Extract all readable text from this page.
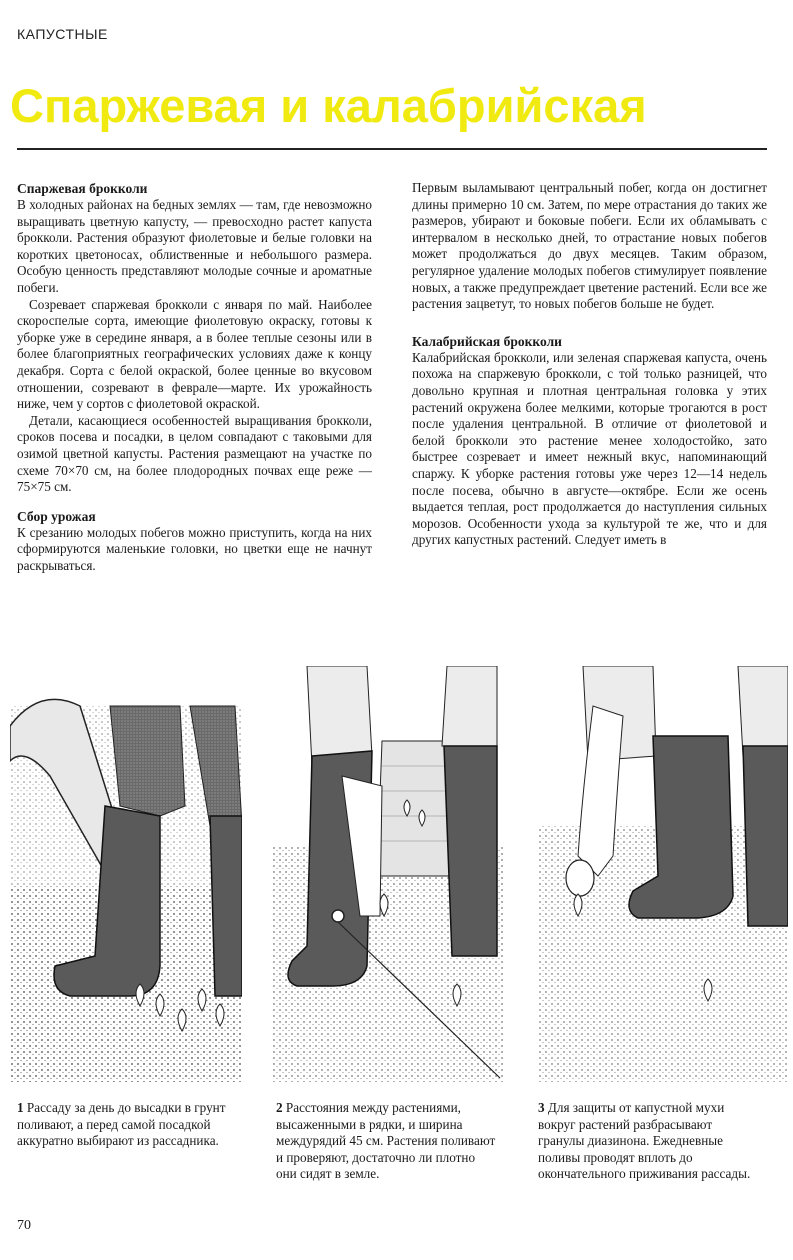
КАПУСТНЫЕ
Спаржевая и калабрийская
Спаржевая брокколи

В холодных районах на бедных землях — там, где невозможно выращивать цветную капусту, — превосходно растет капуста брокколи. Растения образуют фиолетовые и белые головки на коротких цветоносах, облиственные и небольшого размера. Особую ценность представляют молодые сочные и ароматные побеги.

Созревает спаржевая брокколи с января по май. Наиболее скороспелые сорта, имеющие фиолетовую окраску, готовы к уборке уже в середине января, а в более теплые сезоны или в более благоприятных географических условиях даже к концу декабря. Сорта с белой окраской, более ценные во вкусовом отношении, созревают в феврале—марте. Их урожайность ниже, чем у сортов с фиолетовой окраской.

Детали, касающиеся особенностей выращивания брокколи, сроков посева и посадки, в целом совпадают с таковыми для озимой цветной капусты. Растения размещают на участке по схеме 70×70 см, на более плодородных почвах еще реже — 75×75 см.

Сбор урожая

К срезанию молодых побегов можно приступить, когда на них сформируются маленькие головки, но цветки еще не начнут раскрываться.

Первым выламывают центральный побег, когда он достигнет длины примерно 10 см. Затем, по мере отрастания до таких же размеров, убирают и боковые побеги. Если их обламывать с интервалом в несколько дней, то отрастание новых побегов может продолжаться до двух месяцев. Таким образом, регулярное удаление молодых побегов стимулирует появление новых, а также предупреждает цветение растений. Если все же растения зацветут, то новых побегов больше не будет.

Калабрийская брокколи

Калабрийская брокколи, или зеленая спаржевая капуста, очень похожа на спаржевую брокколи, с той только разницей, что довольно крупная и плотная центральная головка у этих растений окружена более мелкими, которые трогаются в рост после удаления центральной. В отличие от фиолетовой и белой брокколи это растение менее холодостойко, зато быстрее созревает и имеет нежный вкус, напоминающий спаржу. К уборке растения готовы уже через 12—14 недель после посева, обычно в августе—октябре. Если же осень выдается теплая, рост продолжается до наступления сильных морозов. Особенности ухода за культурой те же, что и для других капустных растений. Следует иметь в

1 Рассаду за день до высадки в грунт поливают, а перед самой посадкой аккуратно выбирают из рассадника.
2 Расстояния между растениями, высаженными в рядки, и ширина междурядий 45 см. Растения поливают и проверяют, достаточно ли плотно они сидят в земле.
3 Для защиты от капустной мухи вокруг растений разбрасывают гранулы диазинона. Ежедневные поливы проводят вплоть до окончательного приживания рассады.
70
